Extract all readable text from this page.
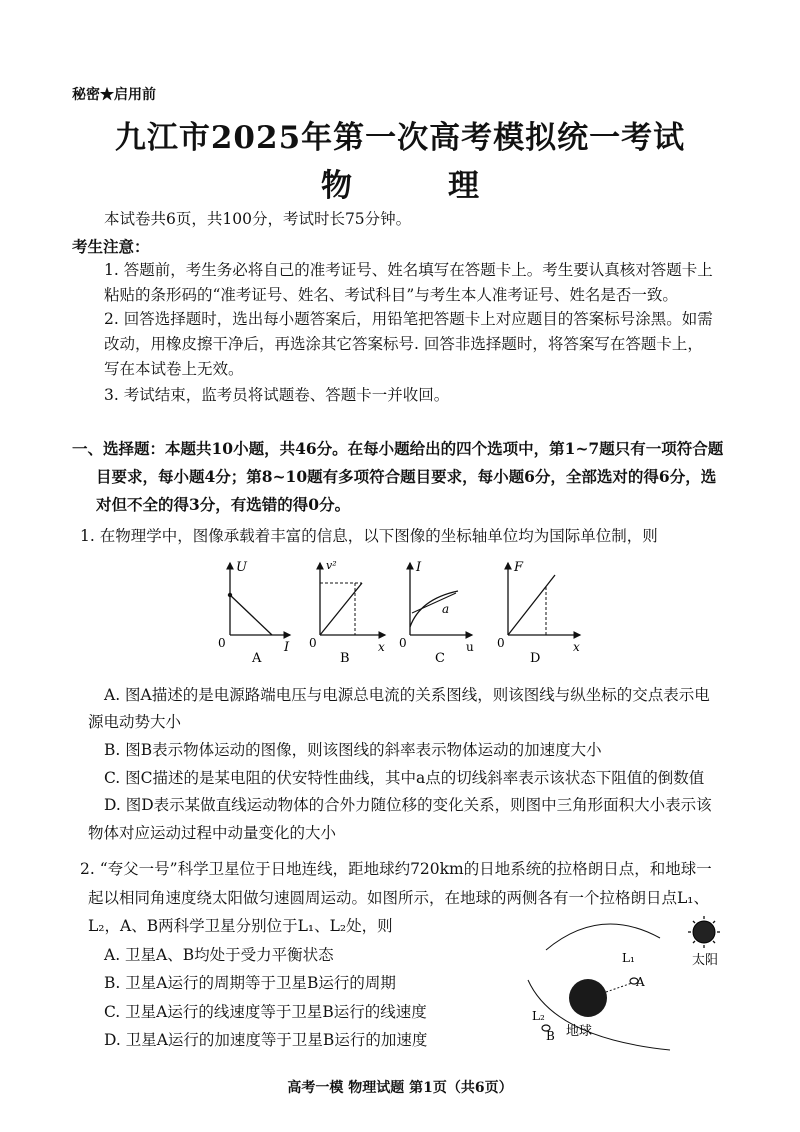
秘密★启用前
九江市2025年第一次高考模拟统一考试
物	理
本试卷共6页，共100分，考试时长75分钟。
考生注意：
1. 答题前，考生务必将自己的准考证号、姓名填写在答题卡上。考生要认真核对答题卡上
粘贴的条形码的“准考证号、姓名、考试科目”与考生本人准考证号、姓名是否一致。
2. 回答选择题时，选出每小题答案后，用铅笔把答题卡上对应题目的答案标号涂黑。如需
改动，用橡皮擦干净后，再选涂其它答案标号. 回答非选择题时，将答案写在答题卡上，
写在本试卷上无效。
3. 考试结束，监考员将试题卷、答题卡一并收回。
一、选择题：本题共10小题，共46分。在每小题给出的四个选项中，第1~7题只有一项符合题
目要求，每小题4分；第8~10题有多项符合题目要求，每小题6分，全部选对的得6分，选
对但不全的得3分，有选错的得0分。
1. 在物理学中，图像承载着丰富的信息，以下图像的坐标轴单位均为国际单位制，则
U
I
0
A
v²
x
0
B
I
u
0
a
C
F
x
0
D
A. 图A描述的是电源路端电压与电源总电流的关系图线，则该图线与纵坐标的交点表示电
源电动势大小
B. 图B表示物体运动的图像，则该图线的斜率表示物体运动的加速度大小
C. 图C描述的是某电阻的伏安特性曲线，其中a点的切线斜率表示该状态下阻值的倒数值
D. 图D表示某做直线运动物体的合外力随位移的变化关系，则图中三角形面积大小表示该
物体对应运动过程中动量变化的大小
2. “夸父一号”科学卫星位于日地连线，距地球约720km的日地系统的拉格朗日点，和地球一
起以相同角速度绕太阳做匀速圆周运动。如图所示，在地球的两侧各有一个拉格朗日点L₁、
L₂，A、B两科学卫星分别位于L₁、L₂处，则
A. 卫星A、B均处于受力平衡状态
B. 卫星A运行的周期等于卫星B运行的周期
C. 卫星A运行的线速度等于卫星B运行的线速度
D. 卫星A运行的加速度等于卫星B运行的加速度
太阳
地球
L₁
A
L₂
B
高考一模 物理试题 第1页（共6页）
